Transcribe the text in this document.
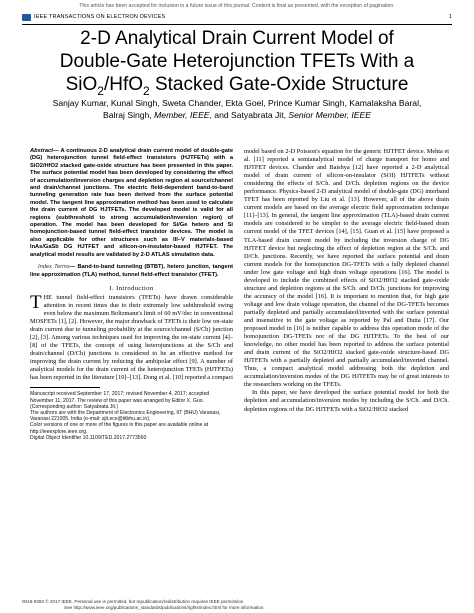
This article has been accepted for inclusion in a future issue of this journal. Content is final as presented, with the exception of pagination.
IEEE TRANSACTIONS ON ELECTRON DEVICES	1
2-D Analytical Drain Current Model of
Double-Gate Heterojunction TFETs With a
SiO$_2$/HfO$_2$ Stacked Gate-Oxide Structure
Sanjay Kumar, Kunal Singh, Sweta Chander, Ekta Goel, Prince Kumar Singh, Kamalaksha Baral,
Balraj Singh, Member, IEEE, and Satyabrata Jit, Senior Member, IEEE

Abstract— A continuous 2-D analytical drain current model of double-gate (DG) heterojunction tunnel field-effect transistors (HJTFETs) with a SiO2/HfO2 stacked gate-oxide structure has been presented in this paper. The surface potential model has been developed by considering the effect of accumulation/inversion charges and depletion region at source/channel and drain/channel junctions. The electric field-dependent band-to-band tunneling generation rate has been derived from the surface potential model. The tangent line approximation method has been used to calculate the drain current of DG HJTFETs. The developed model is valid for all regions (subthreshold to strong accumulation/inversion region) of operation. The model has been developed for Si/Ge hetero and Si homojunction-based tunnel field-effect transistor devices. The model is also applicable for other structures such as III–V materials-based InAs/GaSb DG HJTFET and silicon-on-insulator-based HJTFET. The analytical model results are validated by 2-D ATLAS simulation data.

Index Terms— Band-to-band tunneling (BTBT), hetero junction, tangent line approximation (TLA) method, tunnel field-effect transistor (TFET).

I. Introduction

THE tunnel field-effect transistors (TFETs) have drawn considerable attention in recent times due to their extremely low subthreshold swing even below the maximum Boltzmann's limit of 60 mV/dec in conventional MOSFETs [1], [2]. However, the major drawback of TFETs is their low on-state drain current due to tunneling probability at the source/channel (S/Ch) junction [2], [3]. Among various techniques used for improving the on-state current [4]–[8] of the TFETs, the concept of using heterojunctions at the S/Ch and drain/channel (D/Ch) junctions is considered to be an effective method for improving the drain current by reducing the ambipolar effect [9]. A number of analytical models for the drain current of the heterojunction TFETs (HJTFETs) has been reported in the literature [10]–[13]. Dong et al. [10] reported a compact

Manuscript received September 17, 2017; revised November 4, 2017; accepted November 11, 2017. The review of this paper was arranged by Editor X. Guo. (Corresponding author: Satyabrata Jit.)

The authors are with the Department of Electronics Engineering, IIT (BHU) Varanasi, Varanasi 221005, India (e-mail: sjit.ece@iitbhu.ac.in).

Color versions of one or more of the figures in this paper are available online at http://ieeexplore.ieee.org.

Digital Object Identifier 10.1109/TED.2017.2773560

model based on 2-D Poisson's equation for the generic HJTFET device. Mehta et al. [11] reported a semianalytical model of charge transport for homo and HJTFET devices. Chander and Baishya [12] have reported a 2-D analytical model of drain current of silicon-on-insulator (SOI) HJTFETs without considering the effects of S/Ch. and D/Ch. depletion regions on the device performance. Physics-based 2-D analytical model of double-gate (DG) interband TFET has been reported by Liu et al. [13]. However, all of the above drain current models are based on the average electric field approximation technique [11]–[13]. In general, the tangent line approximation (TLA)-based drain current models are considered to be simpler to the average electric field-based drain current model of the TFET devices [14], [15]. Guan et al. [15] have proposed a TLA-based drain current model by including the inversion charge of DG HJTFET device but neglecting the effect of depletion region at the S/Ch. and D/Ch. junctions. Recently, we have reported the surface potential and drain current models for the homojunction DG-TFETs with a fully depleted channel under low gate voltage and high drain voltage operations [16]. The model is developed to include the combined effects of SiO2/HfO2 stacked gate-oxide structure and depletion regions at the S/Ch. and D/Ch. junctions for improving the accuracy of the model [16]. It is important to mention that, for high gate voltage and low drain voltage operation, the channel of the DG-TFETs becomes partially depleted and partially accumulated/inverted with the surface potential and insensitive to the gate voltage as reported by Pal and Dutta [17]. Our proposed model in [16] is neither capable to address this operation mode of the homojunction DG-TFETs nor of the DG HJTFETs. To the best of our knowledge, no other model has been reported to address the surface potential and drain current of the SiO2/HfO2 stacked gate-oxide structure-based DG HJTFETs with a partially depleted and partially accumulated/inverted channel. Thus, a compact analytical model addressing both the depletion and accumulation/inversion modes of the DG HJTFETs may be of great interests to the researchers working on the TFETs.

In this paper, we have developed the surface potential model for both the depletion and accumulation/inversion modes by including the S/Ch. and D/Ch. depletion regions of the DG HJTFETs with a SiO2/HfO2 stacked

0018-9383 © 2017 IEEE. Personal use is permitted, but republication/redistribution requires IEEE permission.
See http://www.ieee.org/publications_standards/publications/rights/index.html for more information.
